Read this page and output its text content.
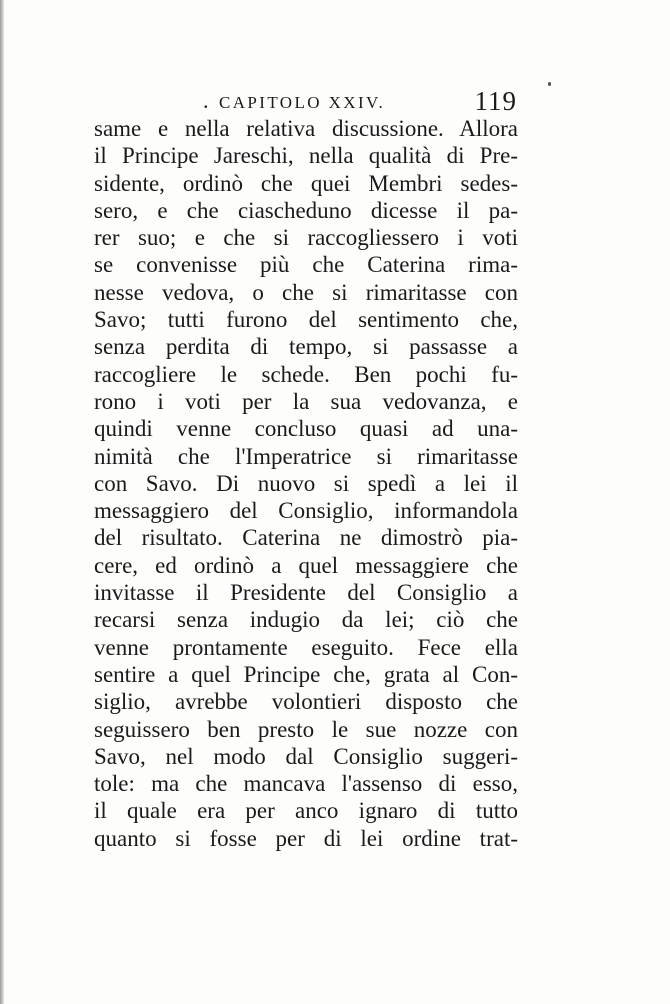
. CAPITOLO XXIV.	119
same e nella relativa discussione. Allora
il Principe Jareschi, nella qualità di Pre-
sidente, ordinò che quei Membri sedes-
sero, e che ciascheduno dicesse il pa-
rer suo; e che si raccogliessero i voti
se convenisse più che Caterina rima-
nesse vedova, o che si rimaritasse con
Savo; tutti furono del sentimento che,
senza perdita di tempo, si passasse a
raccogliere le schede. Ben pochi fu-
rono i voti per la sua vedovanza, e
quindi venne concluso quasi ad una-
nimità che l'Imperatrice si rimaritasse
con Savo. Di nuovo si spedì a lei il
messaggiero del Consiglio, informandola
del risultato. Caterina ne dimostrò pia-
cere, ed ordinò a quel messaggiere che
invitasse il Presidente del Consiglio a
recarsi senza indugio da lei; ciò che
venne prontamente eseguito. Fece ella
sentire a quel Principe che, grata al Con-
siglio, avrebbe volontieri disposto che
seguissero ben presto le sue nozze con
Savo, nel modo dal Consiglio suggeri-
tole: ma che mancava l'assenso di esso,
il quale era per anco ignaro di tutto
quanto si fosse per di lei ordine trat-
